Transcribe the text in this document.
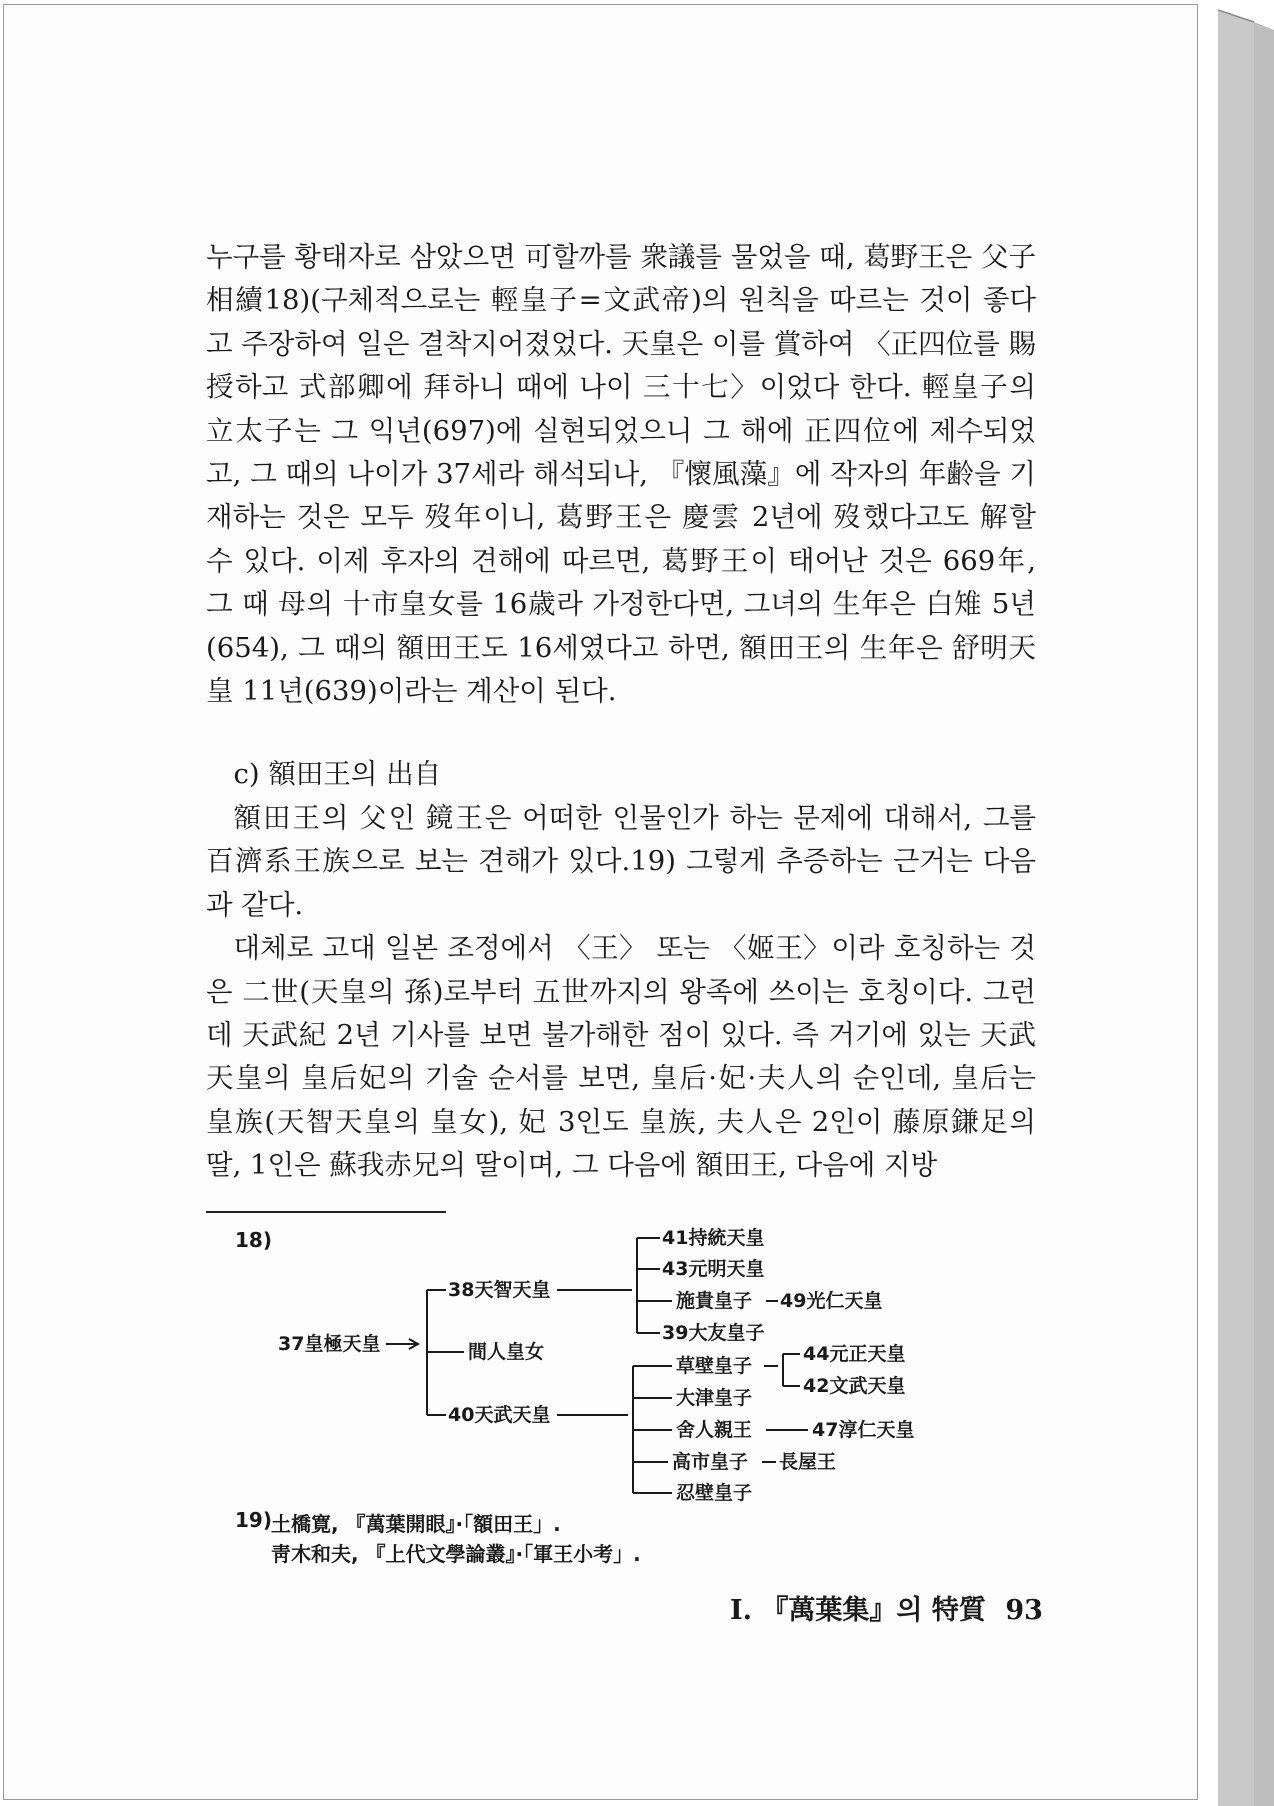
누구를 황태자로 삼았으면 可할까를 衆議를 물었을 때, 葛野王은 父子相續18)(구체적으로는 輕皇子=文武帝)의 원칙을 따르는 것이 좋다고 주장하여 일은 결착지어졌었다. 天皇은 이를 賞하여 〈正四位를 賜授하고 式部卿에 拜하니 때에 나이 三十七〉이었다 한다. 輕皇子의 立太子는 그 익년(697)에 실현되었으니 그 해에 正四位에 제수되었고, 그 때의 나이가 37세라 해석되나, 『懷風藻』에 작자의 年齢을 기재하는 것은 모두 歿年이니, 葛野王은 慶雲 2년에 歿했다고도 解할 수 있다. 이제 후자의 견해에 따르면, 葛野王이 태어난 것은 669年, 그 때 母의 十市皇女를 16歳라 가정한다면, 그녀의 生年은 白雉 5년(654), 그 때의 額田王도 16세였다고 하면, 額田王의 生年은 舒明天皇 11년(639)이라는 계산이 된다.

c) 額田王의 出自

額田王의 父인 鏡王은 어떠한 인물인가 하는 문제에 대해서, 그를 百濟系王族으로 보는 견해가 있다.19) 그렇게 추증하는 근거는 다음과 같다.

대체로 고대 일본 조정에서 〈王〉 또는 〈姬王〉이라 호칭하는 것은 二世(天皇의 孫)로부터 五世까지의 왕족에 쓰이는 호칭이다. 그런데 天武紀 2년 기사를 보면 불가해한 점이 있다. 즉 거기에 있는 天武天皇의 皇后妃의 기술 순서를 보면, 皇后·妃·夫人의 순인데, 皇后는 皇族(天智天皇의 皇女), 妃 3인도 皇族, 夫人은 2인이 藤原鎌足의 딸, 1인은 蘇我赤兄의 딸이며, 그 다음에 額田王, 다음에 지방

37皇極天皇
38天智天皇
間人皇女
40天武天皇
41持統天皇
43元明天皇
施貴皇子 49光仁天皇
39大友皇子
草壁皇子
44元正天皇
42文武天皇
大津皇子
舍人親王	47淳仁天皇
高市皇子 長屋王
忍壁皇子
18)
19) 土橋寛, 『萬葉開眼』·「額田王」.
靑木和夫, 『上代文學論叢』·「軍王小考」.
I. 『萬葉集』의 特質 93
